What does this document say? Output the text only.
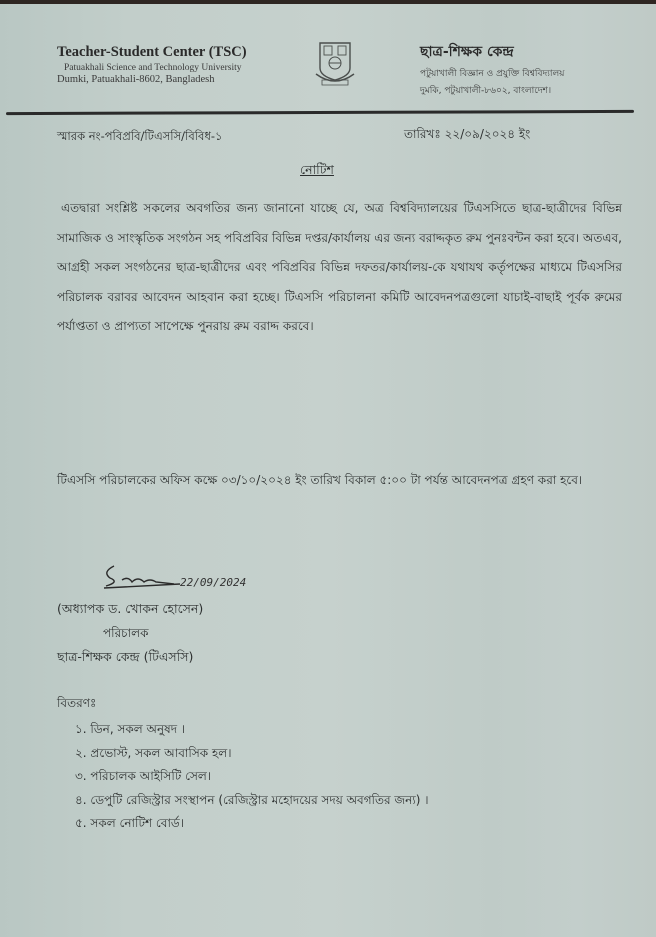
Teacher-Student Center (TSC)
Patuakhali Science and Technology University
Dumki, Patuakhali-8602, Bangladesh
ছাত্র-শিক্ষক কেন্দ্র
পটুয়াখালী বিজ্ঞান ও প্রযুক্তি বিশ্ববিদ্যালয়
দুমকি, পটুয়াখালী-৮৬০২, বাংলাদেশ।
স্মারক নং-পবিপ্রবি/টিএসসি/বিবিধ-১	তারিখঃ ২২/০৯/২০২৪ ইং
নোটিশ
এতদ্বারা সংশ্লিষ্ট সকলের অবগতির জন্য জানানো যাচ্ছে যে, অত্র বিশ্ববিদ্যালয়ের টিএসসিতে ছাত্র-ছাত্রীদের বিভিন্ন সামাজিক ও সাংস্কৃতিক সংগঠন সহ পবিপ্রবির বিভিন্ন দপ্তর/কার্যালয় এর জন্য বরাদ্দকৃত রুম পুনঃবন্টন করা হবে। অতএব, আগ্রহী সকল সংগঠনের ছাত্র-ছাত্রীদের এবং পবিপ্রবির বিভিন্ন দফতর/কার্যালয়-কে যথাযথ কর্তৃপক্ষের মাধ্যমে টিএসসির পরিচালক বরাবর আবেদন আহবান করা হচ্ছে। টিএসসি পরিচালনা কমিটি আবেদনপত্রগুলো যাচাই-বাছাই পূর্বক রুমের পর্যাপ্ততা ও প্রাপ্যতা সাপেক্ষে পুনরায় রুম বরাদ্দ করবে।
টিএসসি পরিচালকের অফিস কক্ষে ০৩/১০/২০২৪ ইং তারিখ বিকাল ৫:০০ টা পর্যন্ত আবেদনপত্র গ্রহণ করা হবে।
22/09/2024
(অধ্যাপক ড. খোকন হোসেন)
পরিচালক
ছাত্র-শিক্ষক কেন্দ্র (টিএসসি)
বিতরণঃ
১. ডিন, সকল অনুষদ ।
২. প্রভোস্ট, সকল আবাসিক হল।
৩. পরিচালক আইসিটি সেল।
৪. ডেপুটি রেজিস্ট্রার সংস্থাপন (রেজিস্ট্রার মহোদয়ের সদয় অবগতির জন্য) ।
৫. সকল নোটিশ বোর্ড।
